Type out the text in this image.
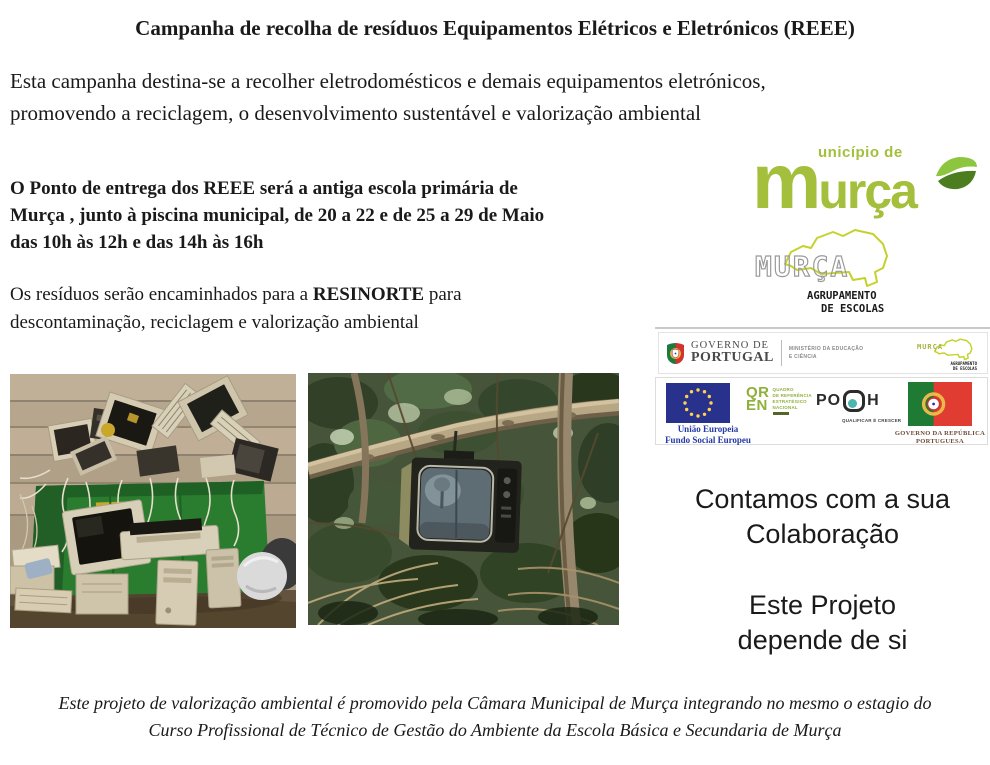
Campanha de recolha de resíduos Equipamentos Elétricos e Eletrónicos (REEE)
Esta campanha destina-se a recolher eletrodomésticos e demais equipamentos eletrónicos,
promovendo a reciclagem, o desenvolvimento sustentável e valorização ambiental
O Ponto de entrega dos REEE será a antiga escola primária de
Murça , junto à piscina municipal, de 20 a 22 e de 25 a 29 de Maio
das 10h às 12h e das 14h às 16h
Os resíduos serão encaminhados para a RESINORTE para
descontaminação, reciclagem e valorização ambiental
unicípio de
murça
MURÇA
AGRUPAMENTO
DE ESCOLAS
GOVERNO DE
PORTUGAL
MINISTÉRIO DA EDUCAÇÃO
E CIÊNCIA
MURÇA
AGRUPAMENTO
DE ESCOLAS
União Europeia
Fundo Social Europeu
QR
EN
QUADRO
DE REFERÊNCIA
ESTRATÉGICO
NACIONAL	PO H
QUALIFICAR É CRESCER
GOVERNO DA REPÚBLICA
PORTUGUESA
Contamos com a sua
Colaboração
Este Projeto
depende de si
Este projeto de valorização ambiental é promovido pela Câmara Municipal de Murça integrando no mesmo o estagio do
Curso Profissional de Técnico de Gestão do Ambiente da Escola Básica e Secundaria de Murça
